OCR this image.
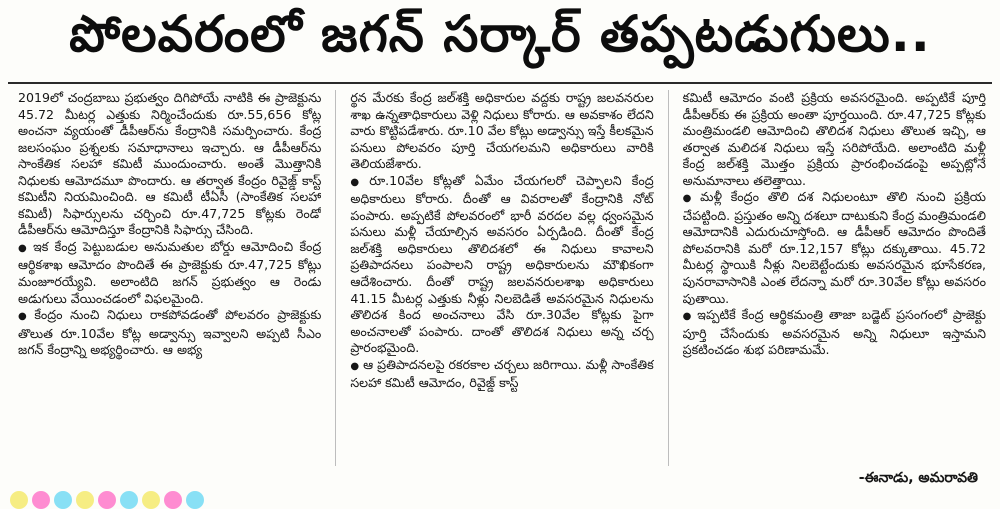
పోలవరంలో జగన్ సర్కార్ తప్పటడుగులు..

2019లో చంద్రబాబు ప్రభుత్వం దిగిపోయే నాటికి ఈ ప్రాజెక్టును 45.72 మీటర్ల ఎత్తుకు నిర్మించేందుకు రూ.55,656 కోట్ల అంచనా వ్యయంతో డీపీఆర్‌ను కేంద్రానికి సమర్పించారు. కేంద్ర జలసంఘం ప్రశ్నలకు సమాధానాలు ఇచ్చారు. ఆ డీపీఆర్‌ను సాంకేతిక సలహా కమిటీ ముందుంచారు. అంతే మొత్తానికి నిధులకు ఆమోదమూ పొందారు. ఆ తర్వాత కేంద్రం రివైజ్డ్ కాస్ట్ కమిటీని నియమించింది. ఆ కమిటీ టీఏసీ (సాంకేతిక సలహా కమిటీ) సిఫార్సులను చర్చించి రూ.47,725 కోట్లకు రెండో డీపీఆర్‌ను ఆమోదిస్తూ కేంద్రానికి సిఫార్సు చేసింది.

● ఇక కేంద్ర పెట్టుబడుల అనుమతుల బోర్డు ఆమోదించి కేంద్ర ఆర్థికశాఖ ఆమోదం పొందితే ఈ ప్రాజెక్టుకు రూ.47,725 కోట్లు మంజూరయ్యేవి. అలాంటిది జగన్ ప్రభుత్వం ఆ రెండు అడుగులు వేయించడంలో విఫలమైంది.

● కేంద్రం నుంచి నిధులు రాకపోవడంతో పోలవరం ప్రాజెక్టుకు తొలుత రూ.10వేల కోట్ల అడ్వాన్సు ఇవ్వాలని అప్పటి సీఎం జగన్ కేంద్రాన్ని అభ్యర్థించారు. ఆ అభ్య

ర్థన మేరకు కేంద్ర జల్‌శక్తి అధికారుల వద్దకు రాష్ట్ర జలవనరుల శాఖ ఉన్నతాధికారులు వెళ్లి నిధులు కోరారు. ఆ అవకాశం లేదని వారు కొట్టిపడేశారు. రూ.10 వేల కోట్లు అడ్వాన్సు ఇస్తే కీలకమైన పనులు పోలవరం పూర్తి చేయగలమని అధికారులు వారికి తెలియజేశారు.

● రూ.10వేల కోట్లతో ఏమేం చేయగలరో చెప్పాలని కేంద్ర అధికారులు కోరారు. దీంతో ఆ వివరాలతో కేంద్రానికి నోట్ పంపారు. అప్పటికే పోలవరంలో భారీ వరదల వల్ల ధ్వంసమైన పనులు మళ్లీ చేయాల్సిన అవసరం ఏర్పడింది. దీంతో కేంద్ర జల్‌శక్తి అధికారులు తొలిదశలో ఈ నిధులు కావాలని ప్రతిపాదనలు పంపాలని రాష్ట్ర అధికారులను మౌఖికంగా ఆదేశించారు. దీంతో రాష్ట్ర జలవనరులశాఖ అధికారులు 41.15 మీటర్ల ఎత్తుకు నీళ్లు నిలబెడితే అవసరమైన నిధులను తొలిదశ కింద అంచనాలు వేసి రూ.30వేల కోట్లకు పైగా అంచనాలతో పంపారు. దాంతో తొలిదశ నిధులు అన్న చర్చ ప్రారంభమైంది.

● ఆ ప్రతిపాదనలపై రకరకాల చర్చలు జరిగాయి. మళ్లీ సాంకేతిక సలహా కమిటీ ఆమోదం, రివైజ్డ్ కాస్ట్

కమిటీ ఆమోదం వంటి ప్రక్రియ అవసరమైంది. అప్పటికే పూర్తి డీపీఆర్‌కు ఈ ప్రక్రియ అంతా పూర్తయింది. రూ.47,725 కోట్లకు మంత్రిమండలి ఆమోదించి తొలిదశ నిధులు తొలుత ఇచ్చి, ఆ తర్వాత మలిదశ నిధులు ఇస్తే సరిపోయేది. అలాంటిది మళ్లీ కేంద్ర జల్‌శక్తి మొత్తం ప్రక్రియ ప్రారంభించడంపై అప్పట్లోనే అనుమానాలు తలెత్తాయి.

● మళ్లీ కేంద్రం తొలి దశ నిధులంటూ తొలి నుంచి ప్రక్రియ చేపట్టింది. ప్రస్తుతం అన్ని దశలూ దాటుకుని కేంద్ర మంత్రిమండలి ఆమోదానికి ఎదురుచూస్తోంది. ఆ డీపీఆర్ ఆమోదం పొందితే పోలవరానికి మరో రూ.12,157 కోట్లు దక్కుతాయి. 45.72 మీటర్ల స్థాయికి నీళ్లు నిలబెట్టేందుకు అవసరమైన భూసేకరణ, పునరావాసానికి ఎంత లేదన్నా మరో రూ.30వేల కోట్లు అవసరం పుతాయి.

● ఇప్పటికే కేంద్ర ఆర్థికమంత్రి తాజా బడ్జెట్ ప్రసంగంలో ప్రాజెక్టు పూర్తి చేసేందుకు అవసరమైన అన్ని నిధులూ ఇస్తామని ప్రకటించడం శుభ పరిణామమే.

-ఈనాడు, అమరావతి
